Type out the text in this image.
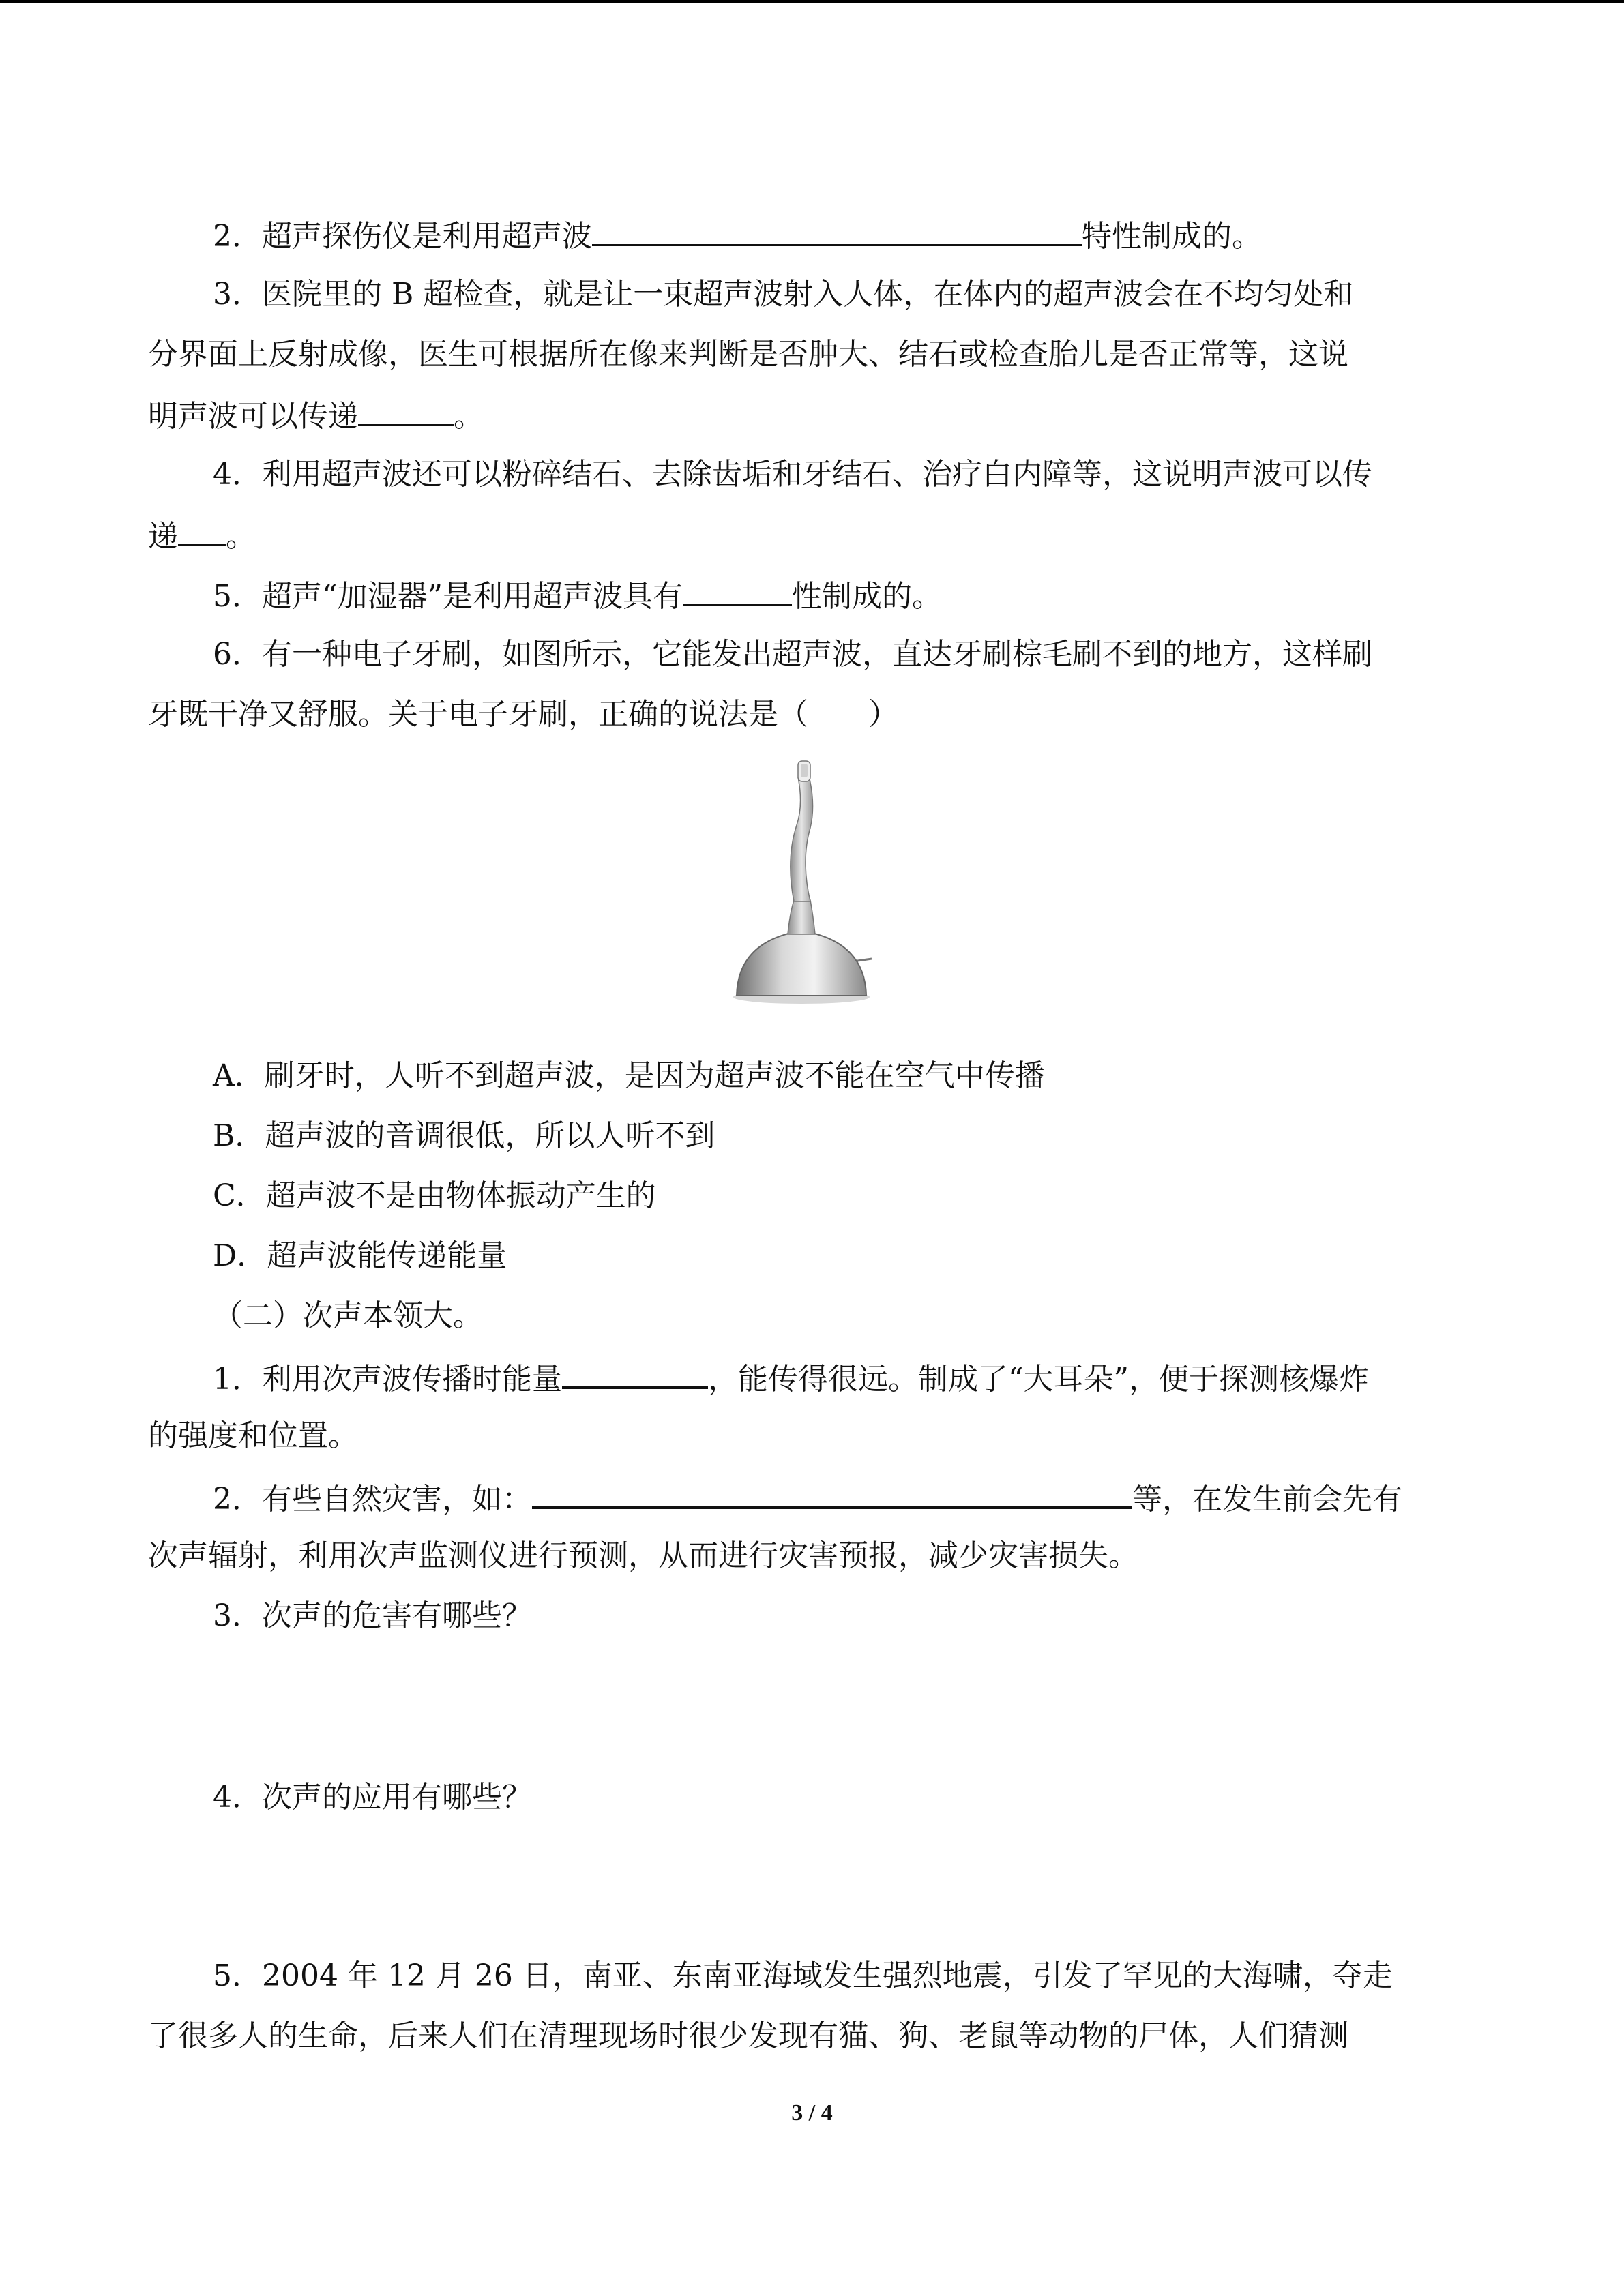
2．超声探伤仪是利用超声波	特性制成的。
3．医院里的 B 超检查，就是让一束超声波射入人体，在体内的超声波会在不均匀处和
分界面上反射成像，医生可根据所在像来判断是否肿大、结石或检查胎儿是否正常等，这说
明声波可以传递	。
4．利用超声波还可以粉碎结石、去除齿垢和牙结石、治疗白内障等，这说明声波可以传
递 。
5．超声“加湿器”是利用超声波具有	性制成的。
6．有一种电子牙刷，如图所示，它能发出超声波，直达牙刷棕毛刷不到的地方，这样刷
牙既干净又舒服。关于电子牙刷，正确的说法是（　　）
A．刷牙时，人听不到超声波，是因为超声波不能在空气中传播
B．超声波的音调很低，所以人听不到
C．超声波不是由物体振动产生的
D．超声波能传递能量
（二）次声本领大。
1．利用次声波传播时能量	，能传得很远。制成了“大耳朵”，便于探测核爆炸
的强度和位置。
2．有些自然灾害，如：	等，在发生前会先有
次声辐射，利用次声监测仪进行预测，从而进行灾害预报，减少灾害损失。
3．次声的危害有哪些？
4．次声的应用有哪些？
5．2004 年 12 月 26 日，南亚、东南亚海域发生强烈地震，引发了罕见的大海啸，夺走
了很多人的生命，后来人们在清理现场时很少发现有猫、狗、老鼠等动物的尸体，人们猜测
3 / 4
